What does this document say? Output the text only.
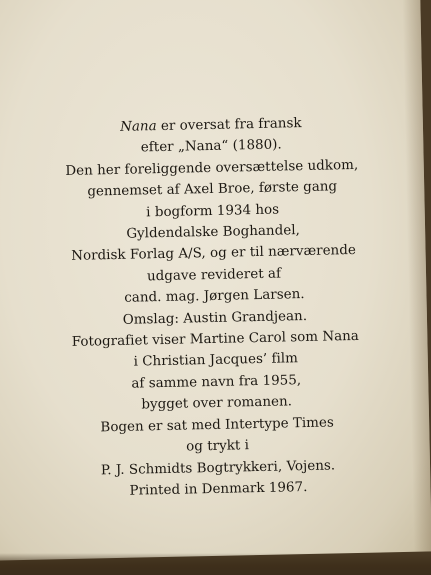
Nana er oversat fra fransk
efter „Nana“ (1880).
Den her foreliggende oversættelse udkom,
gennemset af Axel Broe, første gang
i bogform 1934 hos
Gyldendalske Boghandel,
Nordisk Forlag A/S, og er til nærværende
udgave revideret af
cand. mag. Jørgen Larsen.
Omslag: Austin Grandjean.
Fotografiet viser Martine Carol som Nana
i Christian Jacques’ film
af samme navn fra 1955,
bygget over romanen.
Bogen er sat med Intertype Times
og trykt i
P. J. Schmidts Bogtrykkeri, Vojens.
Printed in Denmark 1967.
